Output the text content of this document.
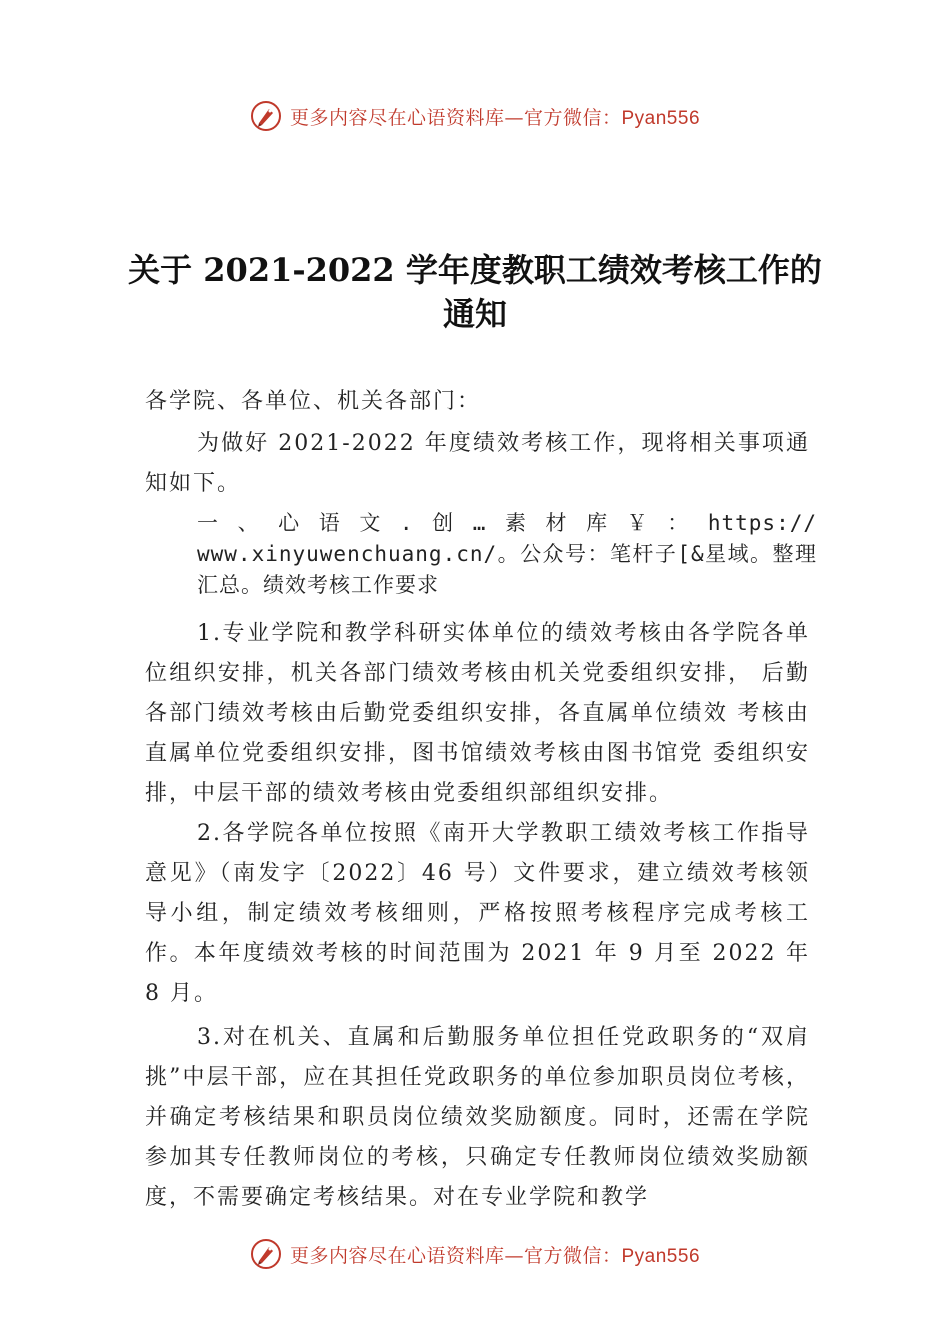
更多内容尽在心语资料库—官方微信：Pyan556
关于 2021-2022 学年度教职工绩效考核工作的通知

各学院、各单位、机关各部门：

为做好 2021-2022 年度绩效考核工作，现将相关事项通知如下。

一、心语文.创…素材库￥：https:// www.xinyuwenchuang.cn/。公众号：笔杆子[&星域。整理汇总。绩效考核工作要求

1.专业学院和教学科研实体单位的绩效考核由各学院各单位组织安排，机关各部门绩效考核由机关党委组织安排， 后勤各部门绩效考核由后勤党委组织安排，各直属单位绩效 考核由直属单位党委组织安排，图书馆绩效考核由图书馆党 委组织安排，中层干部的绩效考核由党委组织部组织安排。

2.各学院各单位按照《南开大学教职工绩效考核工作指导意见》（南发字〔2022〕46 号）文件要求，建立绩效考核领导小组，制定绩效考核细则，严格按照考核程序完成考核工作。本年度绩效考核的时间范围为 2021 年 9 月至 2022 年 8 月。

3.对在机关、直属和后勤服务单位担任党政职务的“双肩挑”中层干部，应在其担任党政职务的单位参加职员岗位考核，并确定考核结果和职员岗位绩效奖励额度。同时，还需在学院参加其专任教师岗位的考核，只确定专任教师岗位绩效奖励额度，不需要确定考核结果。对在专业学院和教学

更多内容尽在心语资料库—官方微信：Pyan556
